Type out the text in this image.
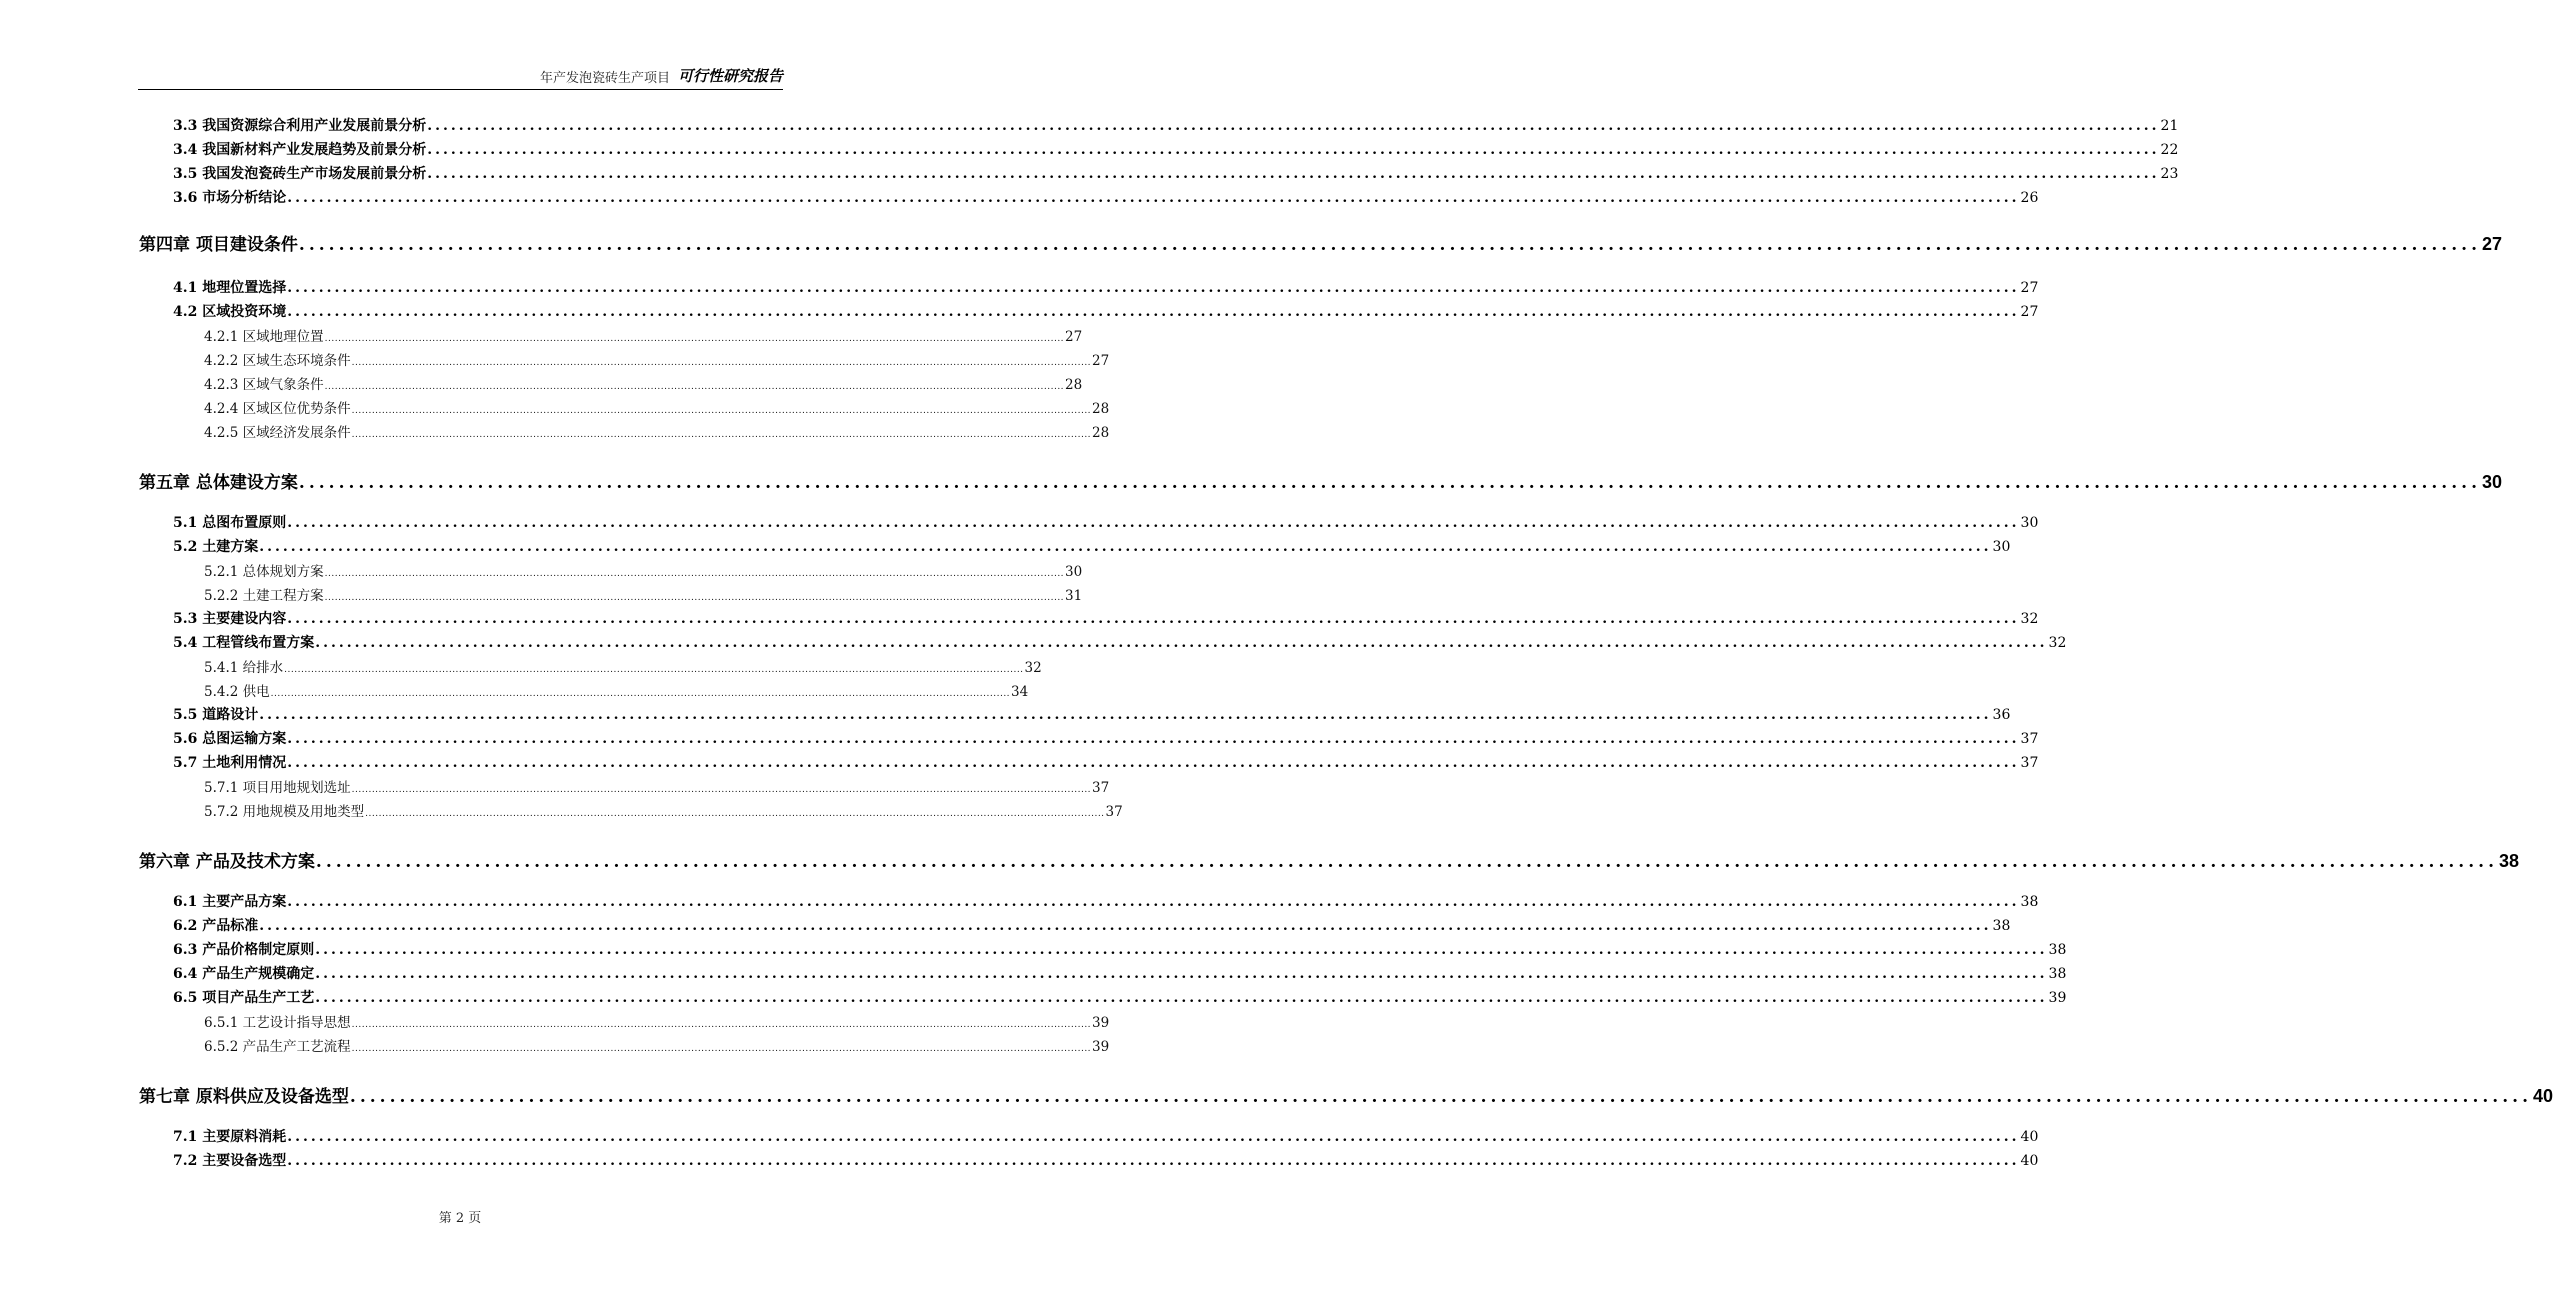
年产发泡瓷砖生产项目 可行性研究报告
3.3 我国资源综合利用产业发展前景分析 ............................................................................................................................................................................................................................ 21
3.4 我国新材料产业发展趋势及前景分析 ............................................................................................................................................................................................................................ 22
3.5 我国发泡瓷砖生产市场发展前景分析 ............................................................................................................................................................................................................................ 23
3.6 市场分析结论 ............................................................................................................................................................................................................................ 26
第四章 项目建设条件 ............................................................................................................................................................................................................................ 27
4.1 地理位置选择 ............................................................................................................................................................................................................................ 27
4.2 区域投资环境 ............................................................................................................................................................................................................................ 27
4.2.1 区域地理位置 ............................................................................................................................................................................................................................ 27
4.2.2 区域生态环境条件 ............................................................................................................................................................................................................................ 27
4.2.3 区域气象条件 ............................................................................................................................................................................................................................ 28
4.2.4 区域区位优势条件 ............................................................................................................................................................................................................................ 28
4.2.5 区域经济发展条件 ............................................................................................................................................................................................................................ 28
第五章 总体建设方案 ............................................................................................................................................................................................................................ 30
5.1 总图布置原则 ............................................................................................................................................................................................................................ 30
5.2 土建方案 ............................................................................................................................................................................................................................ 30
5.2.1 总体规划方案 ............................................................................................................................................................................................................................ 30
5.2.2 土建工程方案 ............................................................................................................................................................................................................................ 31
5.3 主要建设内容 ............................................................................................................................................................................................................................ 32
5.4 工程管线布置方案 ............................................................................................................................................................................................................................ 32
5.4.1 给排水 ............................................................................................................................................................................................................................ 32
5.4.2 供电 ............................................................................................................................................................................................................................ 34
5.5 道路设计 ............................................................................................................................................................................................................................ 36
5.6 总图运输方案 ............................................................................................................................................................................................................................ 37
5.7 土地利用情况 ............................................................................................................................................................................................................................ 37
5.7.1 项目用地规划选址 ............................................................................................................................................................................................................................ 37
5.7.2 用地规模及用地类型 ............................................................................................................................................................................................................................ 37
第六章 产品及技术方案 ............................................................................................................................................................................................................................ 38
6.1 主要产品方案 ............................................................................................................................................................................................................................ 38
6.2 产品标准 ............................................................................................................................................................................................................................ 38
6.3 产品价格制定原则 ............................................................................................................................................................................................................................ 38
6.4 产品生产规模确定 ............................................................................................................................................................................................................................ 38
6.5 项目产品生产工艺 ............................................................................................................................................................................................................................ 39
6.5.1 工艺设计指导思想 ............................................................................................................................................................................................................................ 39
6.5.2 产品生产工艺流程 ............................................................................................................................................................................................................................ 39
第七章 原料供应及设备选型 ............................................................................................................................................................................................................................ 40
7.1 主要原料消耗 ............................................................................................................................................................................................................................ 40
7.2 主要设备选型 ............................................................................................................................................................................................................................ 40
第 2 页
